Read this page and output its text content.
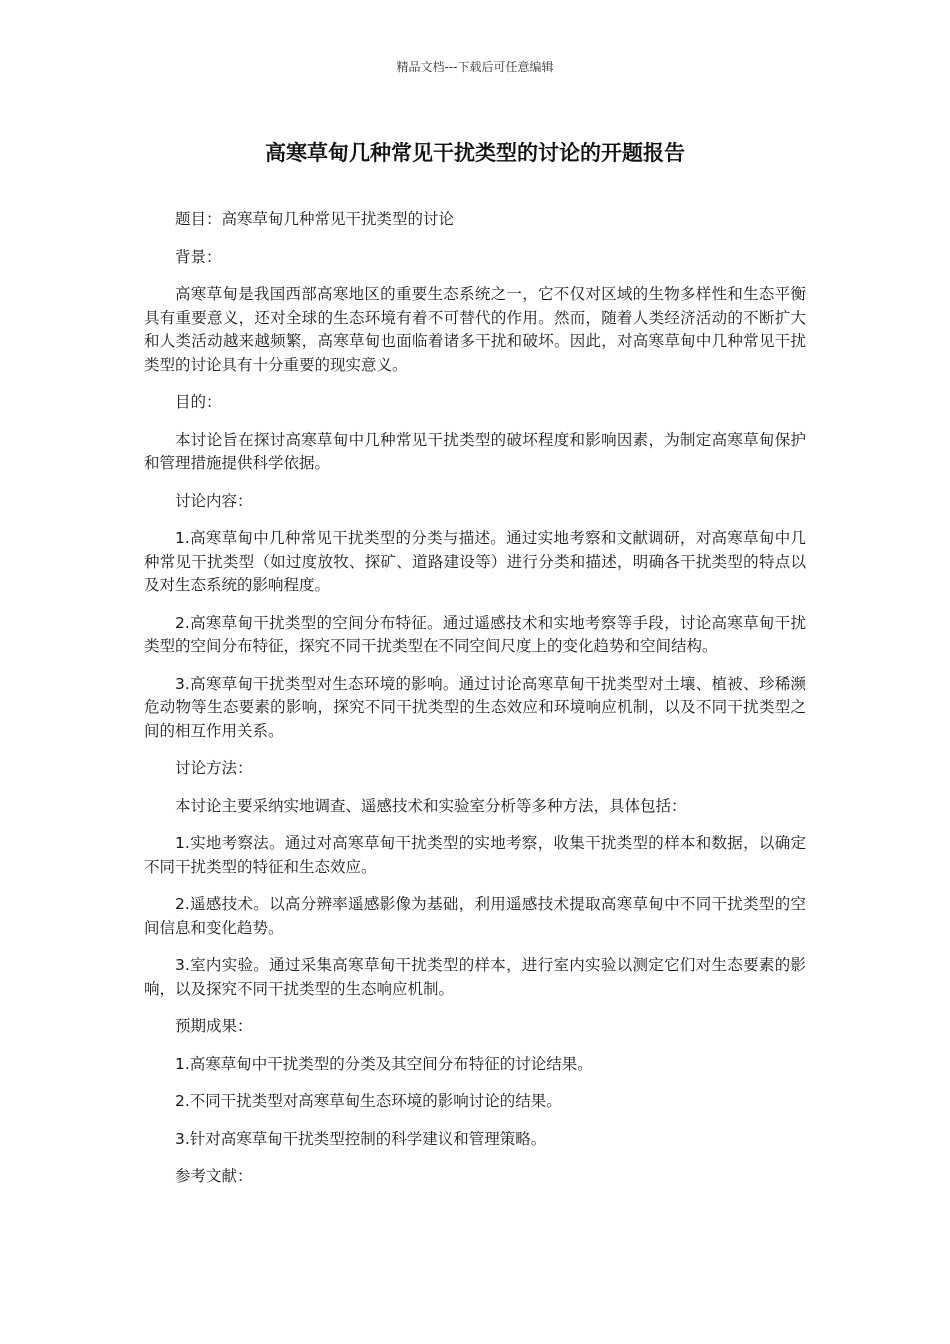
精品文档---下载后可任意编辑
高寒草甸几种常见干扰类型的讨论的开题报告

题目：高寒草甸几种常见干扰类型的讨论

背景：

高寒草甸是我国西部高寒地区的重要生态系统之一，它不仅对区域的生物多样性和生态平衡具有重要意义，还对全球的生态环境有着不可替代的作用。然而，随着人类经济活动的不断扩大和人类活动越来越频繁，高寒草甸也面临着诸多干扰和破坏。因此，对高寒草甸中几种常见干扰类型的讨论具有十分重要的现实意义。

目的：

本讨论旨在探讨高寒草甸中几种常见干扰类型的破坏程度和影响因素，为制定高寒草甸保护和管理措施提供科学依据。

讨论内容：

1.高寒草甸中几种常见干扰类型的分类与描述。通过实地考察和文献调研，对高寒草甸中几种常见干扰类型（如过度放牧、探矿、道路建设等）进行分类和描述，明确各干扰类型的特点以及对生态系统的影响程度。

2.高寒草甸干扰类型的空间分布特征。通过遥感技术和实地考察等手段，讨论高寒草甸干扰类型的空间分布特征，探究不同干扰类型在不同空间尺度上的变化趋势和空间结构。

3.高寒草甸干扰类型对生态环境的影响。通过讨论高寒草甸干扰类型对土壤、植被、珍稀濒危动物等生态要素的影响，探究不同干扰类型的生态效应和环境响应机制，以及不同干扰类型之间的相互作用关系。

讨论方法：

本讨论主要采纳实地调查、遥感技术和实验室分析等多种方法，具体包括：

1.实地考察法。通过对高寒草甸干扰类型的实地考察，收集干扰类型的样本和数据，以确定不同干扰类型的特征和生态效应。

2.遥感技术。以高分辨率遥感影像为基础，利用遥感技术提取高寒草甸中不同干扰类型的空间信息和变化趋势。

3.室内实验。通过采集高寒草甸干扰类型的样本，进行室内实验以测定它们对生态要素的影响，以及探究不同干扰类型的生态响应机制。

预期成果：

1.高寒草甸中干扰类型的分类及其空间分布特征的讨论结果。

2.不同干扰类型对高寒草甸生态环境的影响讨论的结果。

3.针对高寒草甸干扰类型控制的科学建议和管理策略。

参考文献：
